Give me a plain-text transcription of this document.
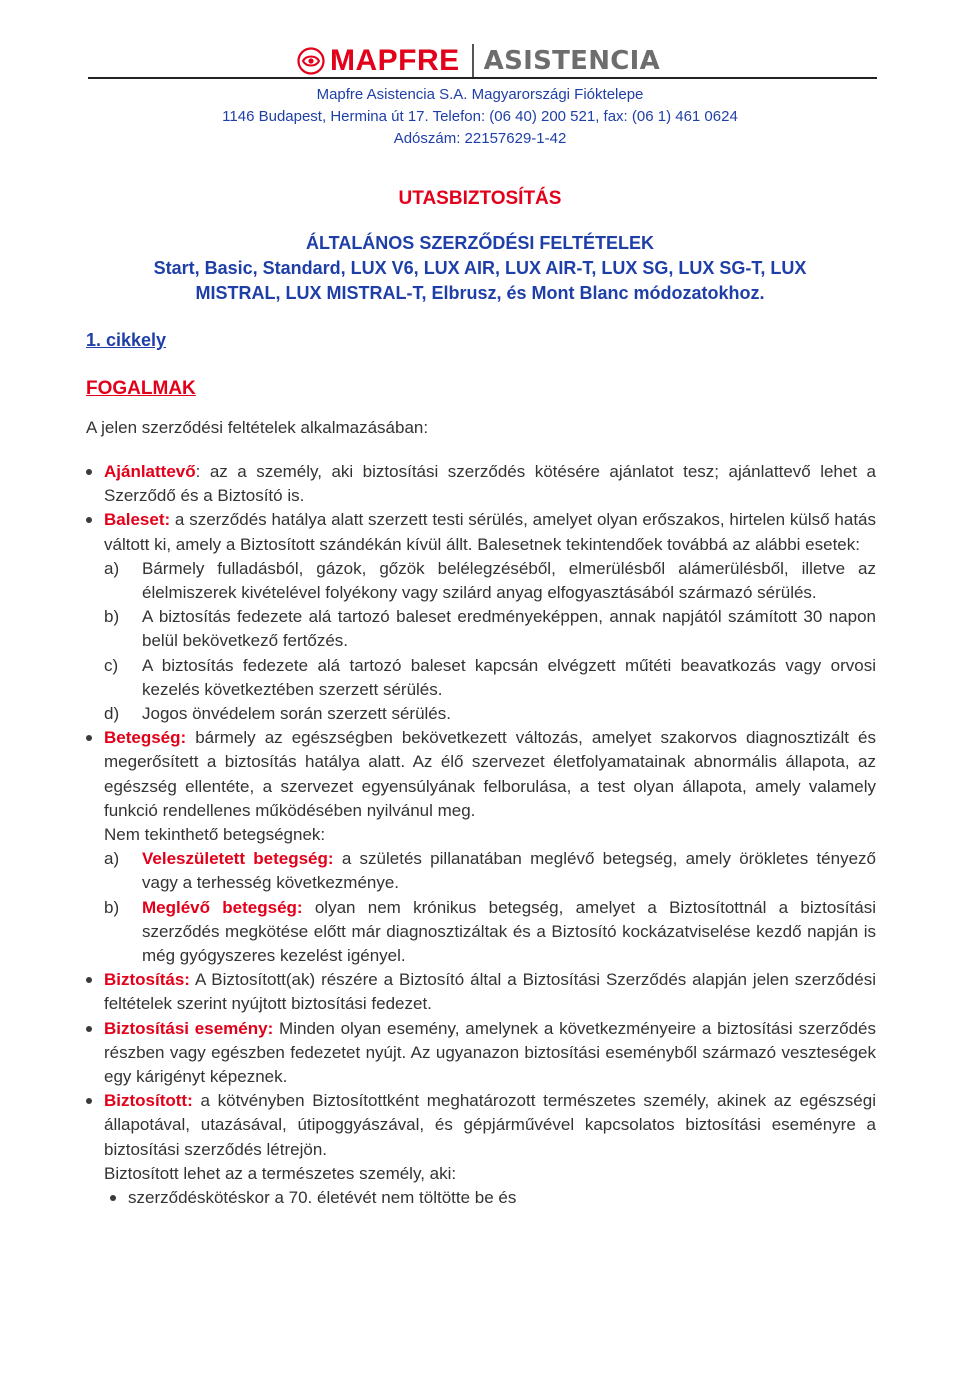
MAPFRE ASISTENCIA
Mapfre Asistencia S.A. Magyarországi Fióktelepe
1146 Budapest, Hermina út 17. Telefon: (06 40) 200 521, fax: (06 1) 461 0624
Adószám: 22157629-1-42
UTASBIZTOSÍTÁS
ÁLTALÁNOS SZERZŐDÉSI FELTÉTELEK
Start, Basic, Standard, LUX V6, LUX AIR, LUX AIR-T, LUX SG, LUX SG-T, LUX
MISTRAL, LUX MISTRAL-T, Elbrusz, és Mont Blanc módozatokhoz.
1. cikkely
FOGALMAK
A jelen szerződési feltételek alkalmazásában:
Ajánlattevő: az a személy, aki biztosítási szerződés kötésére ajánlatot tesz; ajánlattevő lehet a Szerződő és a Biztosító is.
Baleset: a szerződés hatálya alatt szerzett testi sérülés, amelyet olyan erőszakos, hirtelen külső hatás váltott ki, amely a Biztosított szándékán kívül állt. Balesetnek tekintendőek továbbá az alábbi esetek:
a) Bármely fulladásból, gázok, gőzök belélegzéséből, elmerülésből alámerülésből, illetve az élelmiszerek kivételével folyékony vagy szilárd anyag elfogyasztásából származó sérülés.
b) A biztosítás fedezete alá tartozó baleset eredményeképpen, annak napjától számított 30 napon belül bekövetkező fertőzés.
c) A biztosítás fedezete alá tartozó baleset kapcsán elvégzett műtéti beavatkozás vagy orvosi kezelés következtében szerzett sérülés.
d) Jogos önvédelem során szerzett sérülés.
Betegség: bármely az egészségben bekövetkezett változás, amelyet szakorvos diagnosztizált és megerősített a biztosítás hatálya alatt. Az élő szervezet életfolyamatainak abnormális állapota, az egészség ellentéte, a szervezet egyensúlyának felborulása, a test olyan állapota, amely valamely funkció rendellenes működésében nyilvánul meg.
Nem tekinthető betegségnek:
a) Veleszületett betegség: a születés pillanatában meglévő betegség, amely örökletes tényező vagy a terhesség következménye.
b) Meglévő betegség: olyan nem krónikus betegség, amelyet a Biztosítottnál a biztosítási szerződés megkötése előtt már diagnosztizáltak és a Biztosító kockázatviselése kezdő napján is még gyógyszeres kezelést igényel.
Biztosítás: A Biztosított(ak) részére a Biztosító által a Biztosítási Szerződés alapján jelen szerződési feltételek szerint nyújtott biztosítási fedezet.
Biztosítási esemény: Minden olyan esemény, amelynek a következményeire a biztosítási szerződés részben vagy egészben fedezetet nyújt. Az ugyanazon biztosítási eseményből származó veszteségek egy kárigényt képeznek.
Biztosított: a kötvényben Biztosítottként meghatározott természetes személy, akinek az egészségi állapotával, utazásával, útipoggyászával, és gépjárművével kapcsolatos biztosítási eseményre a biztosítási szerződés létrejön.
Biztosított lehet az a természetes személy, aki:
szerződéskötéskor a 70. életévét nem töltötte be és
